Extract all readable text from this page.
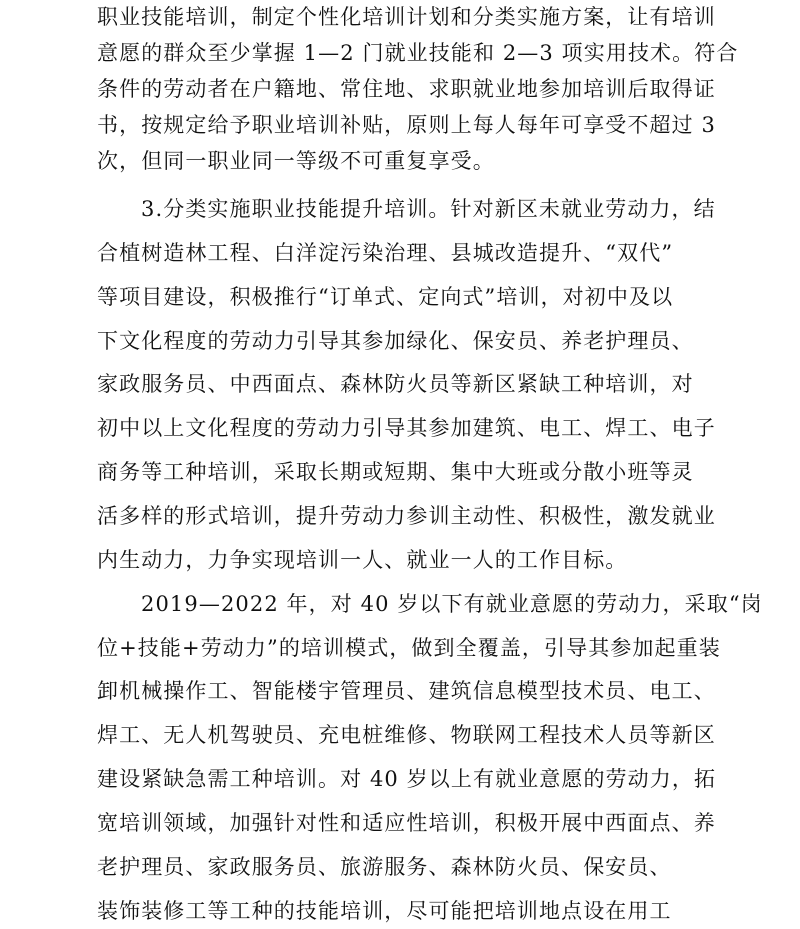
职业技能培训，制定个性化培训计划和分类实施方案，让有培训
意愿的群众至少掌握 1—2 门就业技能和 2—3 项实用技术。符合
条件的劳动者在户籍地、常住地、求职就业地参加培训后取得证
书，按规定给予职业培训补贴，原则上每人每年可享受不超过 3
次，但同一职业同一等级不可重复享受。
3.分类实施职业技能提升培训。针对新区未就业劳动力，结
合植树造林工程、白洋淀污染治理、县城改造提升、“双代”
等项目建设，积极推行“订单式、定向式”培训，对初中及以
下文化程度的劳动力引导其参加绿化、保安员、养老护理员、
家政服务员、中西面点、森林防火员等新区紧缺工种培训，对
初中以上文化程度的劳动力引导其参加建筑、电工、焊工、电子
商务等工种培训，采取长期或短期、集中大班或分散小班等灵
活多样的形式培训，提升劳动力参训主动性、积极性，激发就业
内生动力，力争实现培训一人、就业一人的工作目标。
2019—2022 年，对 40 岁以下有就业意愿的劳动力，采取“岗
位+技能+劳动力”的培训模式，做到全覆盖，引导其参加起重装
卸机械操作工、智能楼宇管理员、建筑信息模型技术员、电工、
焊工、无人机驾驶员、充电桩维修、物联网工程技术人员等新区
建设紧缺急需工种培训。对 40 岁以上有就业意愿的劳动力，拓
宽培训领域，加强针对性和适应性培训，积极开展中西面点、养
老护理员、家政服务员、旅游服务、森林防火员、保安员、
装饰装修工等工种的技能培训，尽可能把培训地点设在用工
